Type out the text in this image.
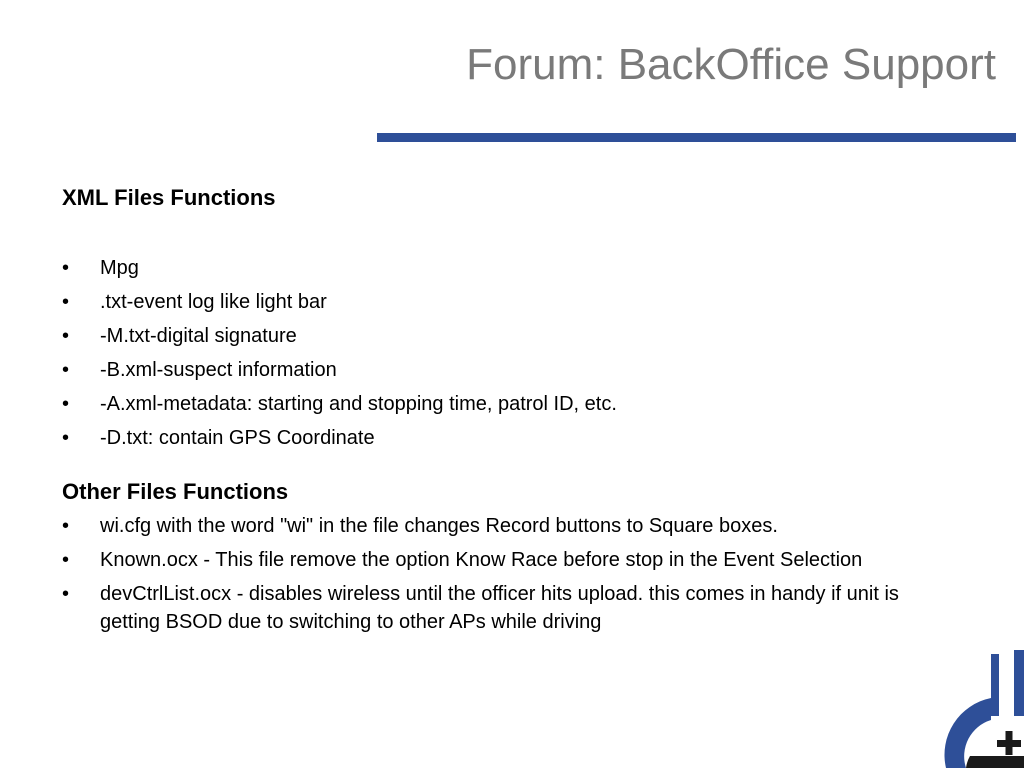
Forum: BackOffice Support

XML Files Functions

•	Mpg
•	.txt-event log like light bar
•	-M.txt-digital signature
•	-B.xml-suspect information
•	-A.xml-metadata: starting and stopping time, patrol ID, etc.
•	-D.txt: contain GPS Coordinate

Other Files Functions

•	wi.cfg with the word "wi" in the file changes Record buttons to Square boxes.
•	Known.ocx - This file remove the option Know Race before stop in the Event Selection
•	devCtrlList.ocx - disables wireless until the officer hits upload. this comes in handy if unit is getting BSOD due to switching to other APs while driving
